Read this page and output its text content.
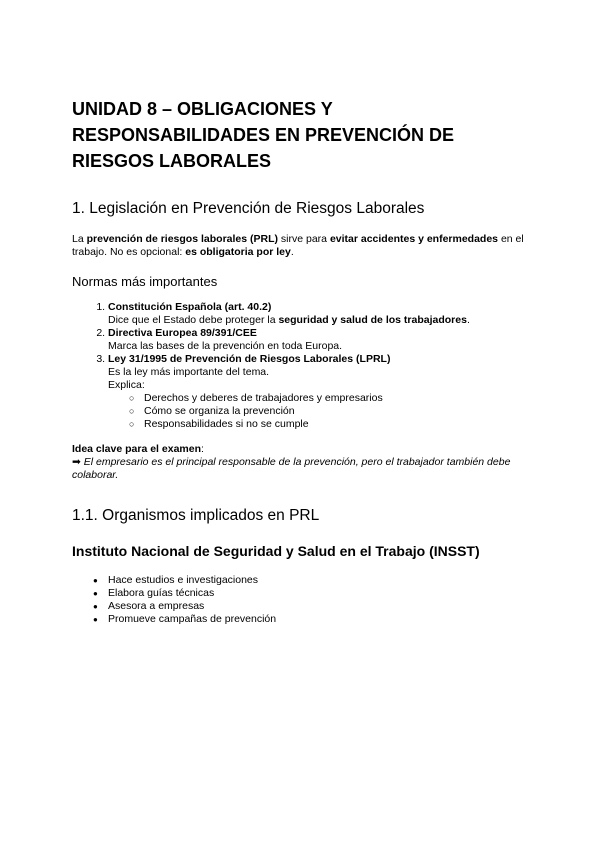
UNIDAD 8 – OBLIGACIONES Y RESPONSABILIDADES EN PREVENCIÓN DE RIESGOS LABORALES
1. Legislación en Prevención de Riesgos Laborales

La prevención de riesgos laborales (PRL) sirve para evitar accidentes y enfermedades en el trabajo. No es opcional: es obligatoria por ley.

Normas más importantes
1. Constitución Española (art. 40.2)
Dice que el Estado debe proteger la seguridad y salud de los trabajadores.
2. Directiva Europea 89/391/CEE
Marca las bases de la prevención en toda Europa.
3. Ley 31/1995 de Prevención de Riesgos Laborales (LPRL)
Es la ley más importante del tema.
Explica:
○ Derechos y deberes de trabajadores y empresarios
○ Cómo se organiza la prevención
○ Responsabilidades si no se cumple
Idea clave para el examen:
➡ El empresario es el principal responsable de la prevención, pero el trabajador también debe colaborar.
1.1. Organismos implicados en PRL
Instituto Nacional de Seguridad y Salud en el Trabajo (INSST)
● Hace estudios e investigaciones
● Elabora guías técnicas
● Asesora a empresas
● Promueve campañas de prevención
